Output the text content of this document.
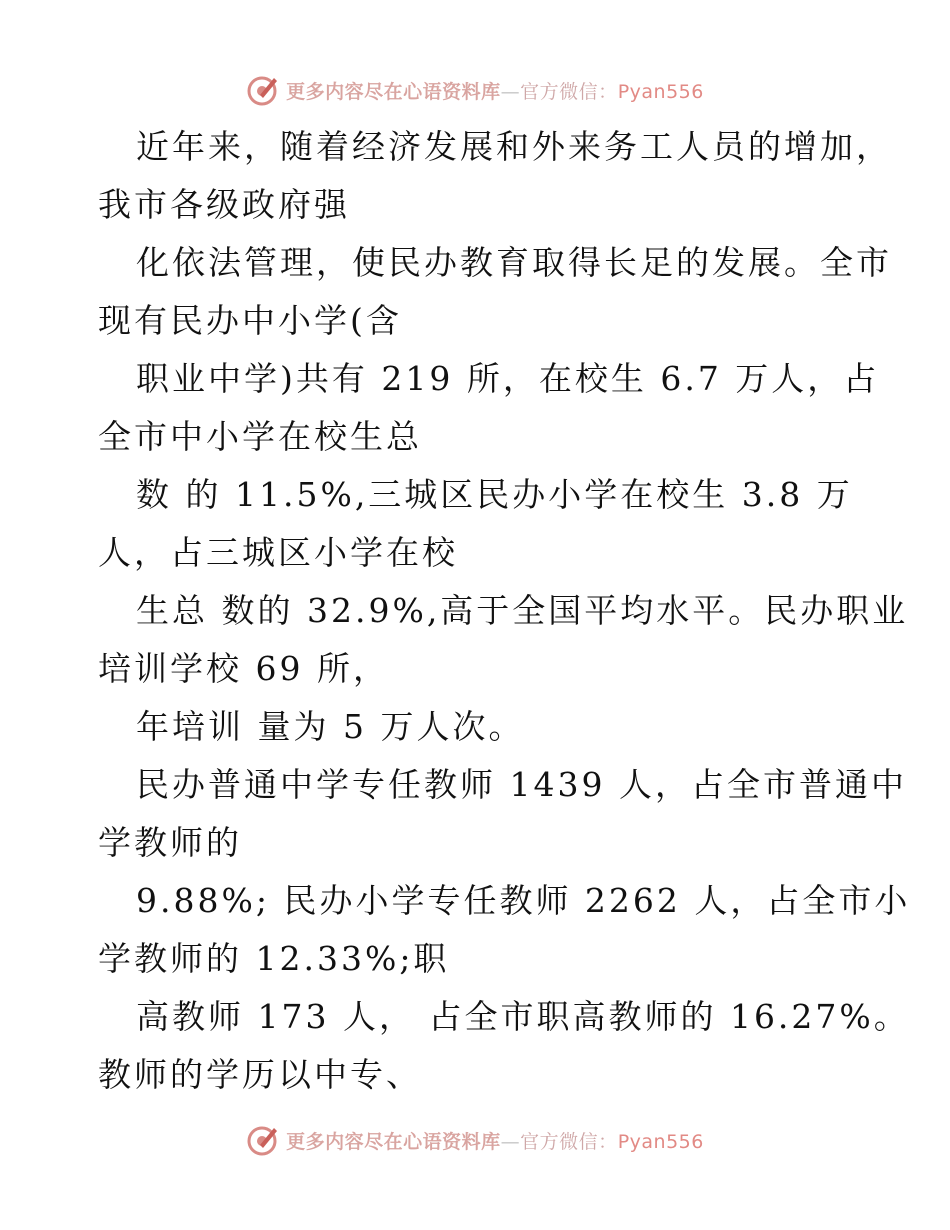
更多内容尽在心语资料库—官方微信：Pyan556
近年来，随着经济发展和外来务工人员的增加，
我市各级政府强
化依法管理，使民办教育取得长足的发展。全市
现有民办中小学(含
职业中学)共有 219 所，在校生 6.7 万人，占
全市中小学在校生总
数 的 11.5%,三城区民办小学在校生 3.8 万
人，占三城区小学在校
生总 数的 32.9%,高于全国平均水平。民办职业
培训学校 69 所，
年培训 量为 5 万人次。
民办普通中学专任教师 1439 人，占全市普通中
学教师的
9.88%; 民办小学专任教师 2262 人，占全市小
学教师的 12.33%;职
高教师 173 人， 占全市职高教师的 16.27%。
教师的学历以中专、
更多内容尽在心语资料库—官方微信：Pyan556
